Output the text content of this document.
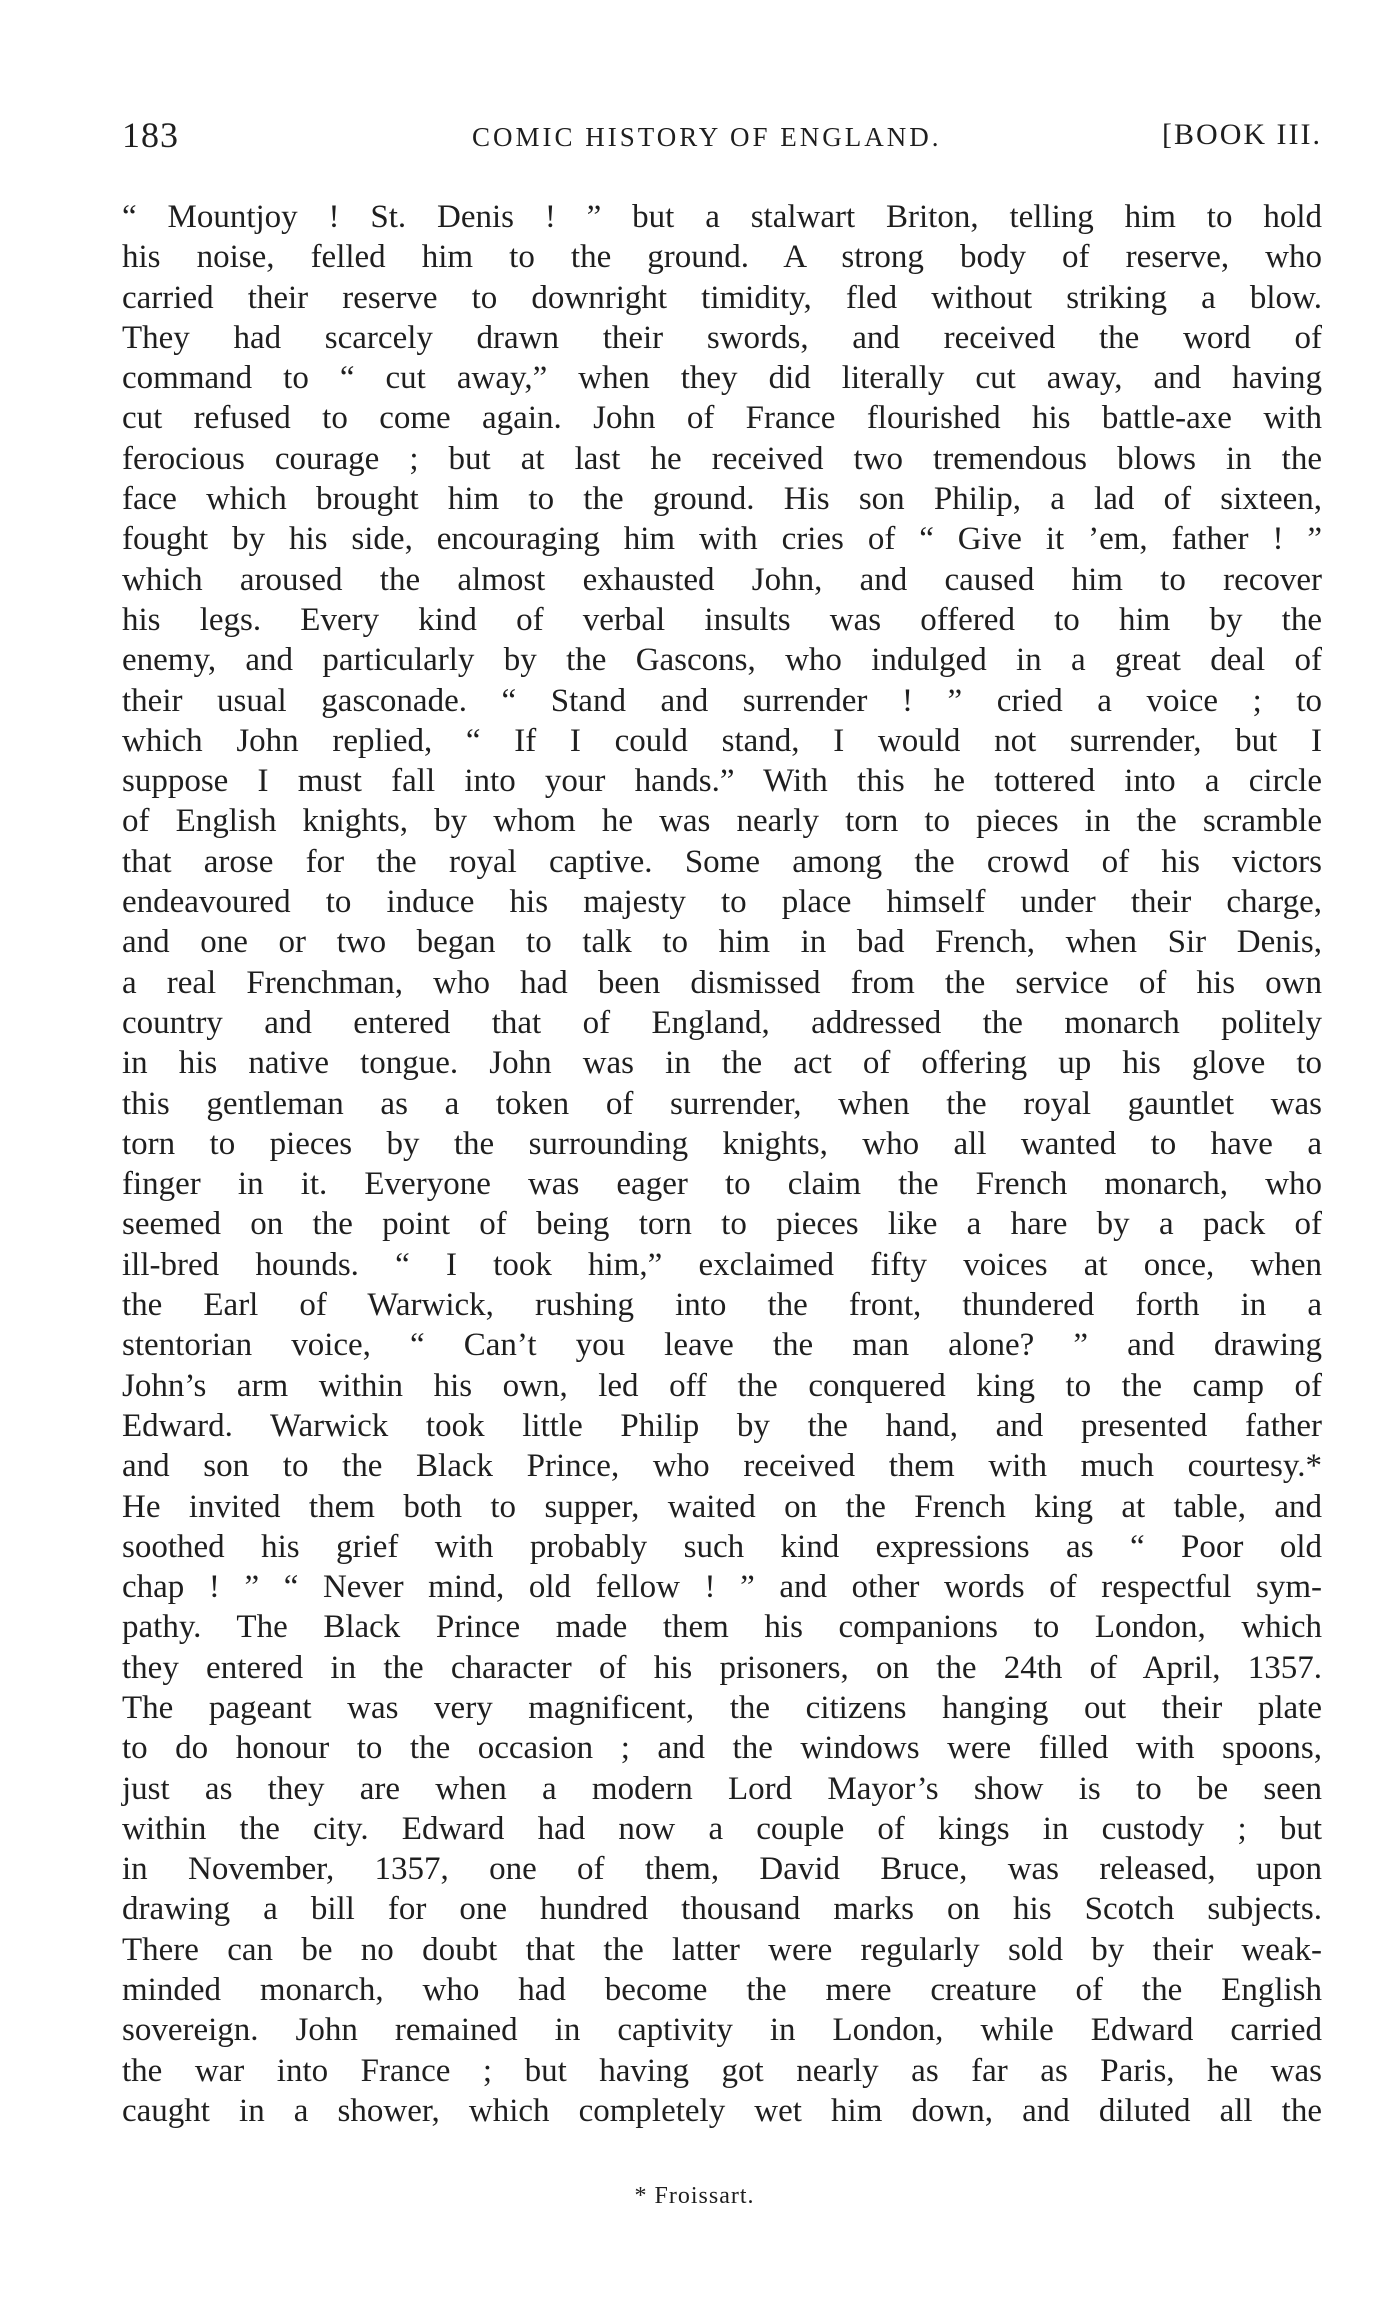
183	COMIC HISTORY OF ENGLAND.	[BOOK III.
“ Mountjoy ! St. Denis ! ” but a stalwart Briton, telling him to hold
his noise, felled him to the ground. A strong body of reserve, who
carried their reserve to downright timidity, fled without striking a blow.
They had scarcely drawn their swords, and received the word of
command to “ cut away,” when they did literally cut away, and having
cut refused to come again. John of France flourished his battle-axe with
ferocious courage ; but at last he received two tremendous blows in the
face which brought him to the ground. His son Philip, a lad of sixteen,
fought by his side, encouraging him with cries of “ Give it ’em, father ! ”
which aroused the almost exhausted John, and caused him to recover
his legs. Every kind of verbal insults was offered to him by the
enemy, and particularly by the Gascons, who indulged in a great deal of
their usual gasconade. “ Stand and surrender ! ” cried a voice ; to
which John replied, “ If I could stand, I would not surrender, but I
suppose I must fall into your hands.” With this he tottered into a circle
of English knights, by whom he was nearly torn to pieces in the scramble
that arose for the royal captive. Some among the crowd of his victors
endeavoured to induce his majesty to place himself under their charge,
and one or two began to talk to him in bad French, when Sir Denis,
a real Frenchman, who had been dismissed from the service of his own
country and entered that of England, addressed the monarch politely
in his native tongue. John was in the act of offering up his glove to
this gentleman as a token of surrender, when the royal gauntlet was
torn to pieces by the surrounding knights, who all wanted to have a
finger in it. Everyone was eager to claim the French monarch, who
seemed on the point of being torn to pieces like a hare by a pack of
ill-bred hounds. “ I took him,” exclaimed fifty voices at once, when
the Earl of Warwick, rushing into the front, thundered forth in a
stentorian voice, “ Can’t you leave the man alone? ” and drawing
John’s arm within his own, led off the conquered king to the camp of
Edward. Warwick took little Philip by the hand, and presented father
and son to the Black Prince, who received them with much courtesy.*
He invited them both to supper, waited on the French king at table, and
soothed his grief with probably such kind expressions as “ Poor old
chap ! ” “ Never mind, old fellow ! ” and other words of respectful sym-
pathy. The Black Prince made them his companions to London, which
they entered in the character of his prisoners, on the 24th of April, 1357.
The pageant was very magnificent, the citizens hanging out their plate
to do honour to the occasion ; and the windows were filled with spoons,
just as they are when a modern Lord Mayor’s show is to be seen
within the city. Edward had now a couple of kings in custody ; but
in November, 1357, one of them, David Bruce, was released, upon
drawing a bill for one hundred thousand marks on his Scotch subjects.
There can be no doubt that the latter were regularly sold by their weak-
minded monarch, who had become the mere creature of the English
sovereign. John remained in captivity in London, while Edward carried
the war into France ; but having got nearly as far as Paris, he was
caught in a shower, which completely wet him down, and diluted all the
* Froissart.
